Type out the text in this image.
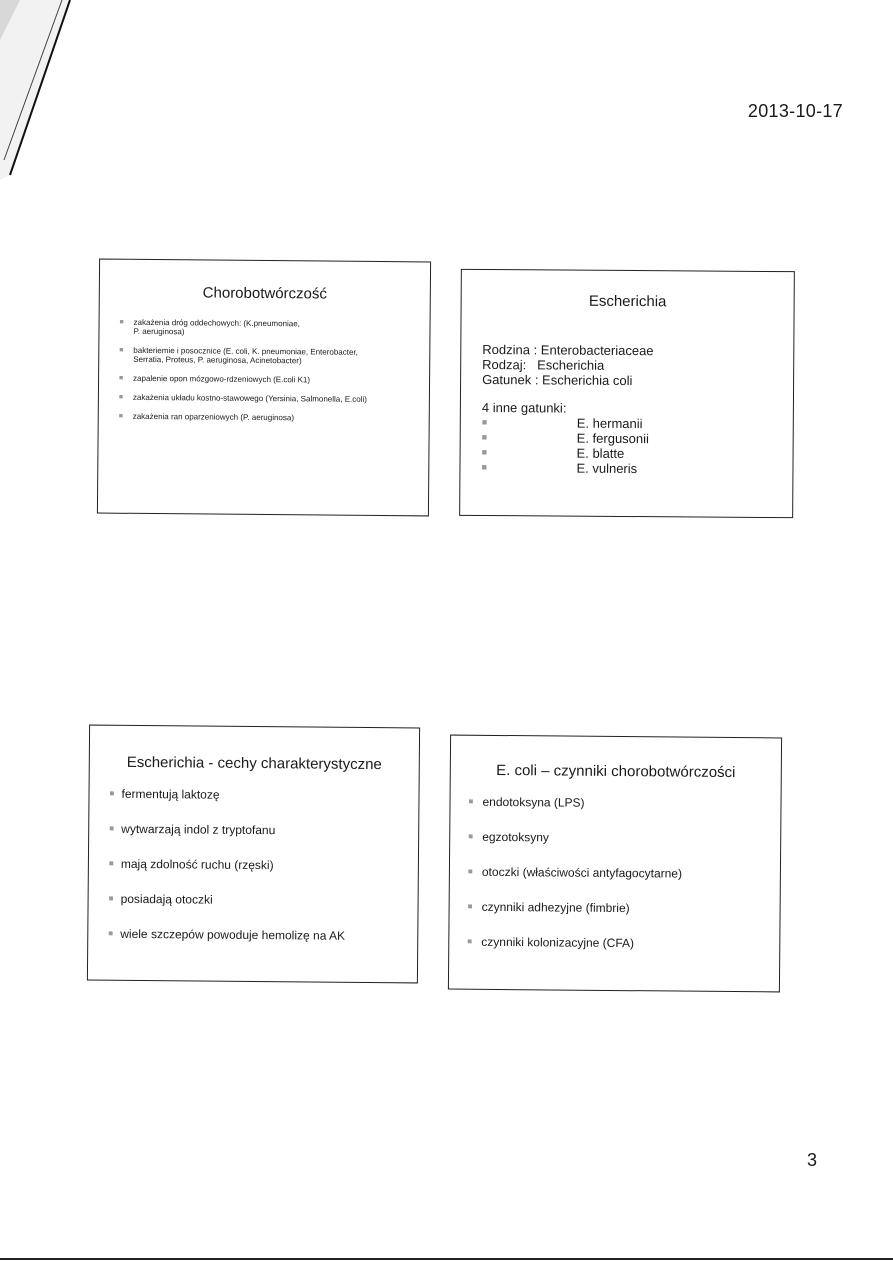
2013-10-17
Chorobotwórczość
■ zakażenia dróg oddechowych: (K.pneumoniae,
P. aeruginosa)
■ bakteriemie i posocznice (E. coli, K. pneumoniae, Enterobacter,
Serratia, Proteus, P. aeruginosa, Acinetobacter)
■ zapalenie opon mózgowo-rdzeniowych (E.coli K1)
■ zakażenia układu kostno-stawowego (Yersinia, Salmonella, E.coli)
■ zakażenia ran oparzeniowych (P. aeruginosa)
Escherichia
Rodzina : Enterobacteriaceae
Rodzaj:   Escherichia
Gatunek : Escherichia coli
4 inne gatunki:
■	E. hermanii
■	E. fergusonii
■	E. blatte
■	E. vulneris
Escherichia - cechy charakterystyczne
■ fermentują laktozę
■ wytwarzają indol z tryptofanu
■ mają zdolność ruchu (rzęski)
■ posiadają otoczki
■ wiele szczepów powoduje hemolizę na AK
E. coli – czynniki chorobotwórczości
■ endotoksyna (LPS)
■ egzotoksyny
■ otoczki (właściwości antyfagocytarne)
■ czynniki adhezyjne (fimbrie)
■ czynniki kolonizacyjne (CFA)
3
